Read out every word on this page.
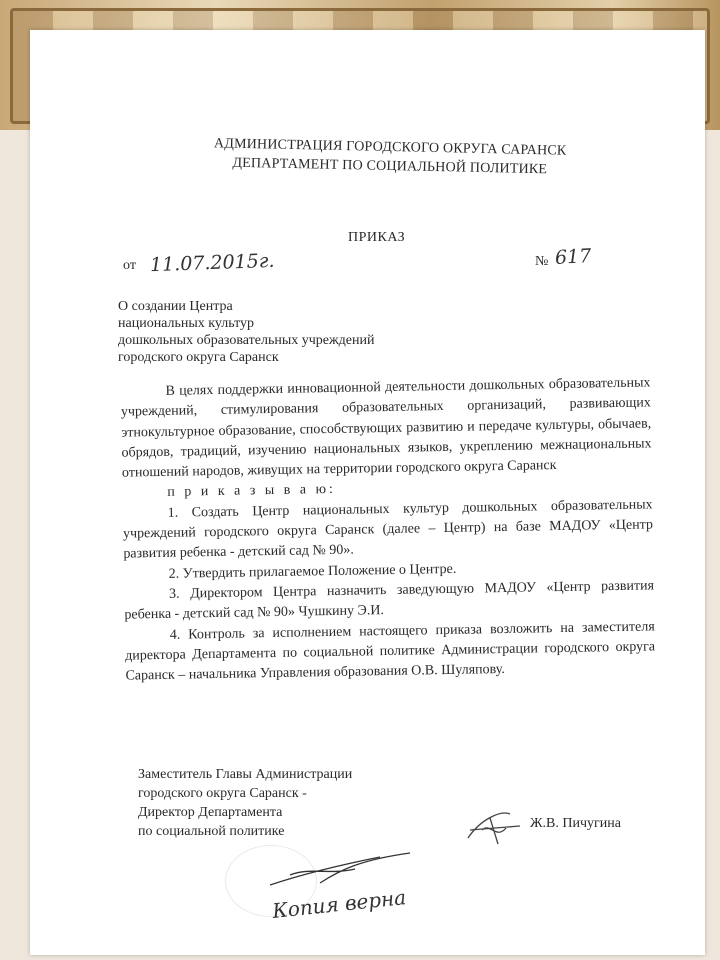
АДМИНИСТРАЦИЯ ГОРОДСКОГО ОКРУГА САРАНСК
ДЕПАРТАМЕНТ ПО СОЦИАЛЬНОЙ ПОЛИТИКЕ
ПРИКАЗ
от 11.07.2015г.	№ 617
О создании Центра
национальных культур
дошкольных образовательных учреждений
городского округа Саранск

В целях поддержки инновационной деятельности дошкольных образовательных учреждений, стимулирования образовательных организаций, развивающих этнокультурное образование, способствующих развитию и передаче культуры, обычаев, обрядов, традиций, изучению национальных языков, укреплению межнациональных отношений народов, живущих на территории городского округа Саранск

п р и к а з ы в а ю:

1. Создать Центр национальных культур дошкольных образовательных учреждений городского округа Саранск (далее – Центр) на базе МАДОУ «Центр развития ребенка - детский сад № 90».

2. Утвердить прилагаемое Положение о Центре.

3. Директором Центра назначить заведующую МАДОУ «Центр развития ребенка - детский сад № 90» Чушкину Э.И.

4. Контроль за исполнением настоящего приказа возложить на заместителя директора Департамента по социальной политике Администрации городского округа Саранск – начальника Управления образования О.В. Шуляпову.

Заместитель Главы Администрации
городского округа Саранск -
Директор Департамента
по социальной политике
Ж.В. Пичугина
Копия верна
